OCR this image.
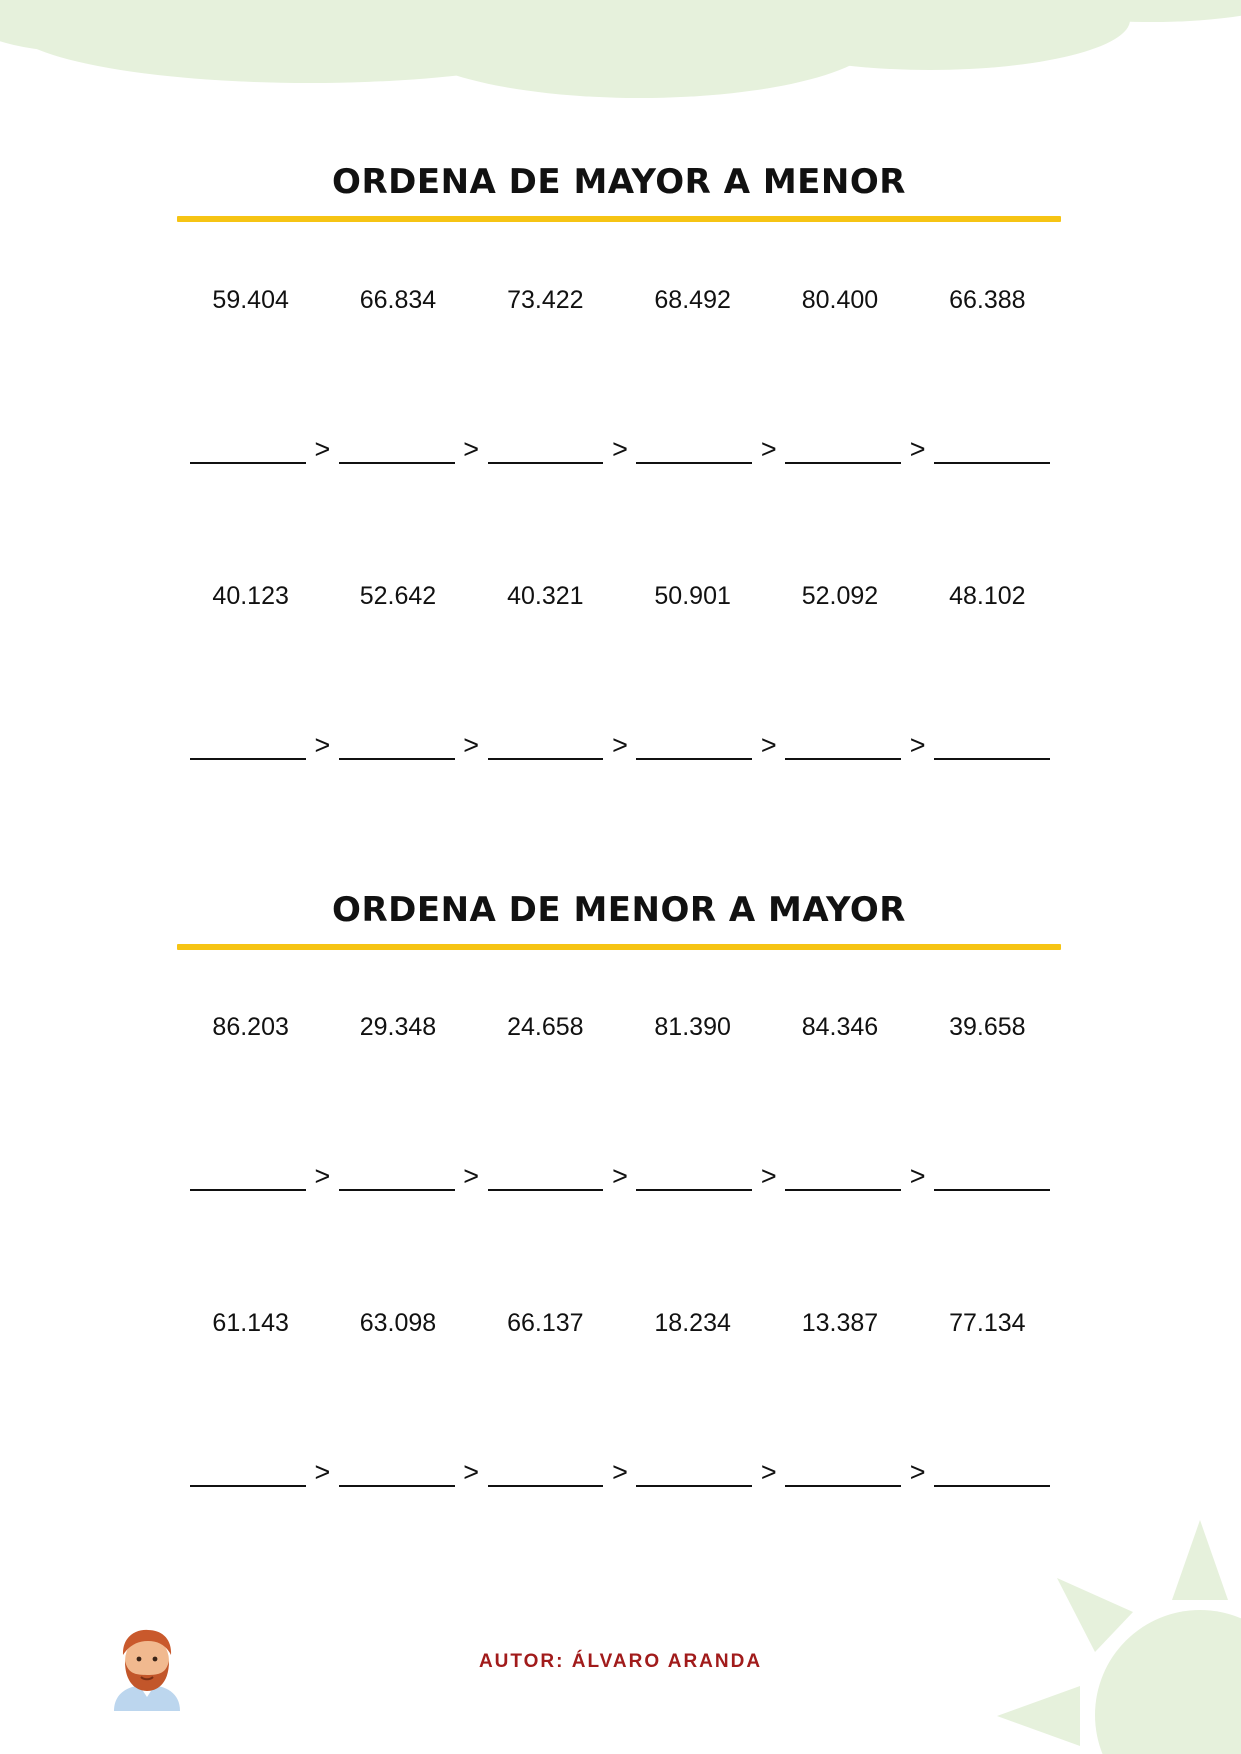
ORDENA DE MAYOR A MENOR
59.404	66.834	73.422	68.492	80.400	66.388
>	>	>	>	>
40.123	52.642	40.321	50.901	52.092	48.102
>	>	>	>	>
ORDENA DE MENOR A MAYOR
86.203	29.348	24.658	81.390	84.346	39.658
>	>	>	>	>
61.143	63.098	66.137	18.234	13.387	77.134
>	>	>	>	>
AUTOR: ÁLVARO ARANDA
